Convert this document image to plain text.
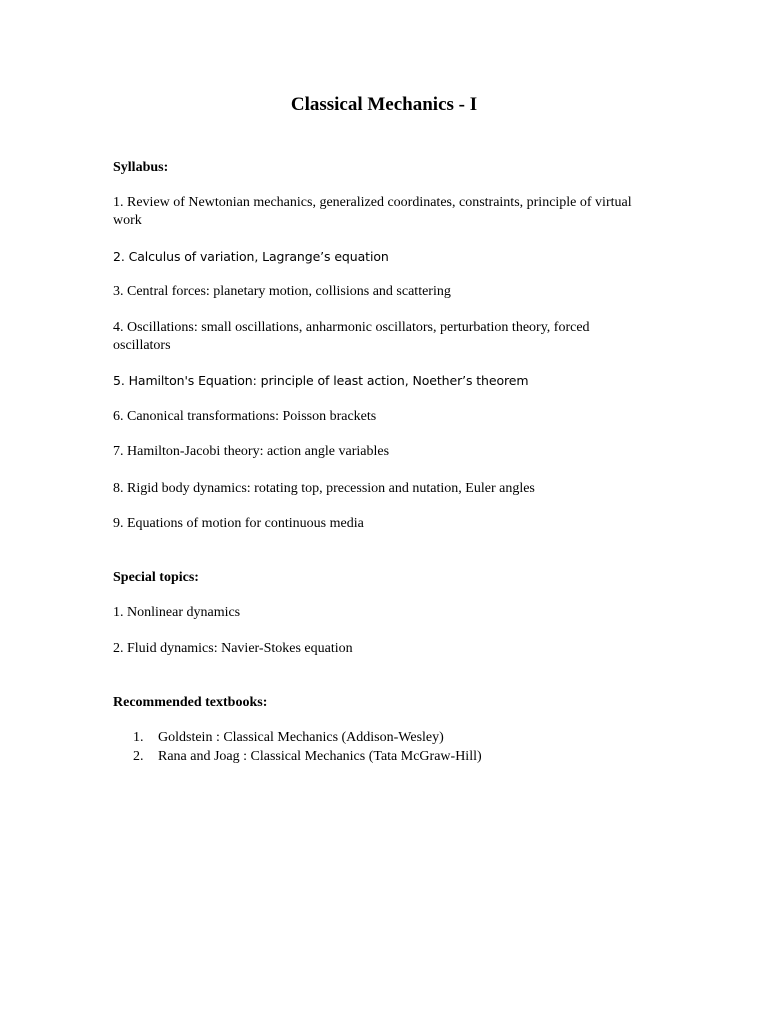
Classical Mechanics - I

Syllabus:

1. Review of Newtonian mechanics, generalized coordinates, constraints, principle of virtual work

2. Calculus of variation, Lagrange’s equation

3. Central forces: planetary motion, collisions and scattering

4. Oscillations: small oscillations, anharmonic oscillators, perturbation theory, forced oscillators

5. Hamilton's Equation: principle of least action, Noether’s theorem

6. Canonical transformations: Poisson brackets

7. Hamilton-Jacobi theory: action angle variables

8. Rigid body dynamics: rotating top, precession and nutation, Euler angles

9. Equations of motion for continuous media

Special topics:

1. Nonlinear dynamics

2. Fluid dynamics: Navier-Stokes equation

Recommended textbooks:

1. Goldstein : Classical Mechanics (Addison-Wesley)

2. Rana and Joag : Classical Mechanics (Tata McGraw-Hill)
